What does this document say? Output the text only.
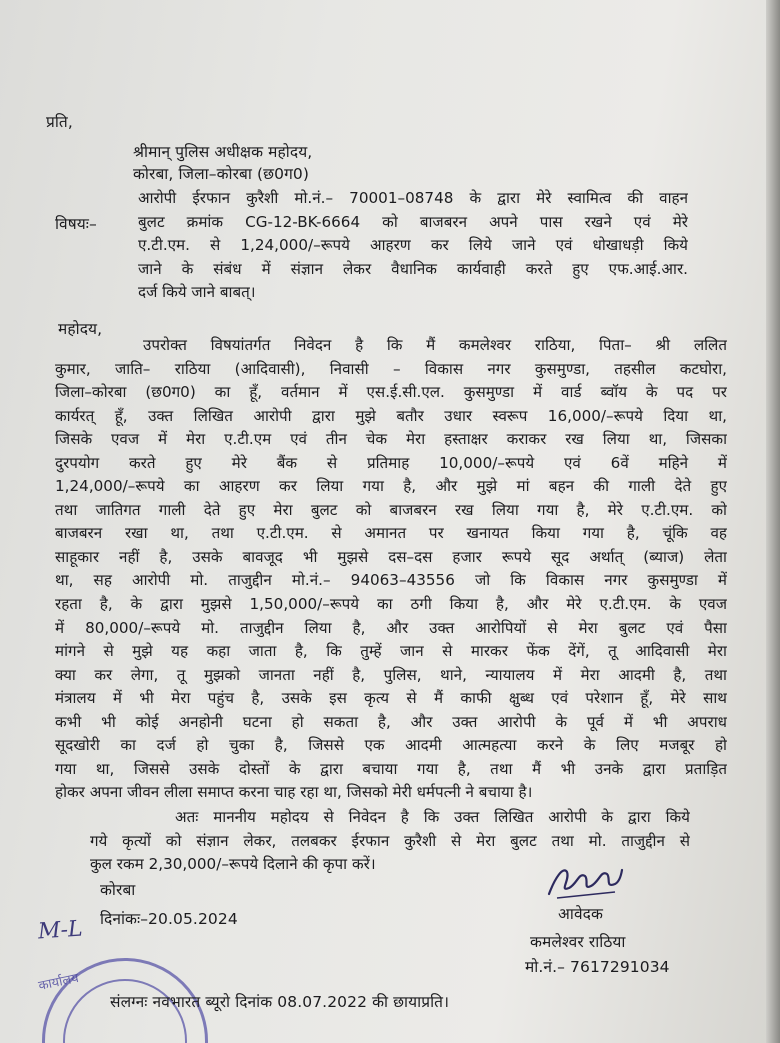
प्रति,
श्रीमान् पुलिस अधीक्षक महोदय,
कोरबा, जिला–कोरबा (छ0ग0)
विषयः–
आरोपी ईरफान कुरैशी मो.नं.– 70001–08748 के द्वारा मेरे स्वामित्व की वाहन
बुलट क्रमांक CG-12-BK-6664 को बाजबरन अपने पास रखने एवं मेरे
ए.टी.एम. से 1,24,000/–रूपये आहरण कर लिये जाने एवं धोखाधड़ी किये
जाने के संबंध में संज्ञान लेकर वैधानिक कार्यवाही करते हुए एफ.आई.आर.
दर्ज किये जाने बाबत्।
महोदय,
उपरोक्त विषयांतर्गत निवेदन है कि मैं कमलेश्वर राठिया, पिता– श्री ललित
कुमार, जाति– राठिया (आदिवासी), निवासी – विकास नगर कुसमुण्डा, तहसील कटघोरा,
जिला–कोरबा (छ0ग0) का हूँ, वर्तमान में एस.ई.सी.एल. कुसमुण्डा में वार्ड ब्वॉय के पद पर
कार्यरत् हूँ, उक्त लिखित आरोपी द्वारा मुझे बतौर उधार स्वरूप 16,000/–रूपये दिया था,
जिसके एवज में मेरा ए.टी.एम एवं तीन चेक मेरा हस्ताक्षर कराकर रख लिया था, जिसका
दुरपयोग करते हुए मेरे बैंक से प्रतिमाह 10,000/–रूपये एवं 6वें महिने में
1,24,000/–रूपये का आहरण कर लिया गया है, और मुझे मां बहन की गाली देते हुए
तथा जातिगत गाली देते हुए मेरा बुलट को बाजबरन रख लिया गया है, मेरे ए.टी.एम. को
बाजबरन रखा था, तथा ए.टी.एम. से अमानत पर खनायत किया गया है, चूंकि वह
साहूकार नहीं है, उसके बावजूद भी मुझसे दस–दस हजार रूपये सूद अर्थात् (ब्याज) लेता
था, सह आरोपी मो. ताजुद्दीन मो.नं.– 94063–43556 जो कि विकास नगर कुसमुण्डा में
रहता है, के द्वारा मुझसे 1,50,000/–रूपये का ठगी किया है, और मेरे ए.टी.एम. के एवज
में 80,000/–रूपये मो. ताजुद्दीन लिया है, और उक्त आरोपियों से मेरा बुलट एवं पैसा
मांगने से मुझे यह कहा जाता है, कि तुम्हें जान से मारकर फेंक देंगें, तू आदिवासी मेरा
क्या कर लेगा, तू मुझको जानता नहीं है, पुलिस, थाने, न्यायालय में मेरा आदमी है, तथा
मंत्रालय में भी मेरा पहुंच है, उसके इस कृत्य से मैं काफी क्षुब्ध एवं परेशान हूँ, मेरे साथ
कभी भी कोई अनहोनी घटना हो सकता है, और उक्त आरोपी के पूर्व में भी अपराध
सूदखोरी का दर्ज हो चुका है, जिससे एक आदमी आत्महत्या करने के लिए मजबूर हो
गया था, जिससे उसके दोस्तों के द्वारा बचाया गया है, तथा मैं भी उनके द्वारा प्रताड़ित
होकर अपना जीवन लीला समाप्त करना चाह रहा था, जिसको मेरी धर्मपत्नी ने बचाया है।
अतः माननीय महोदय से निवेदन है कि उक्त लिखित आरोपी के द्वारा किये
गये कृत्यों को संज्ञान लेकर, तलबकर ईरफान कुरैशी से मेरा बुलट तथा मो. ताजुद्दीन से
कुल रकम 2,30,000/–रूपये दिलाने की कृपा करें।
कोरबा
M-L दिनांकः–20.05.2024	आवेदक
कमलेश्वर राठिया
मो.नं.– 7617291034
कार्यालय
संलग्नः नवभारत ब्यूरो दिनांक 08.07.2022 की छायाप्रति।
